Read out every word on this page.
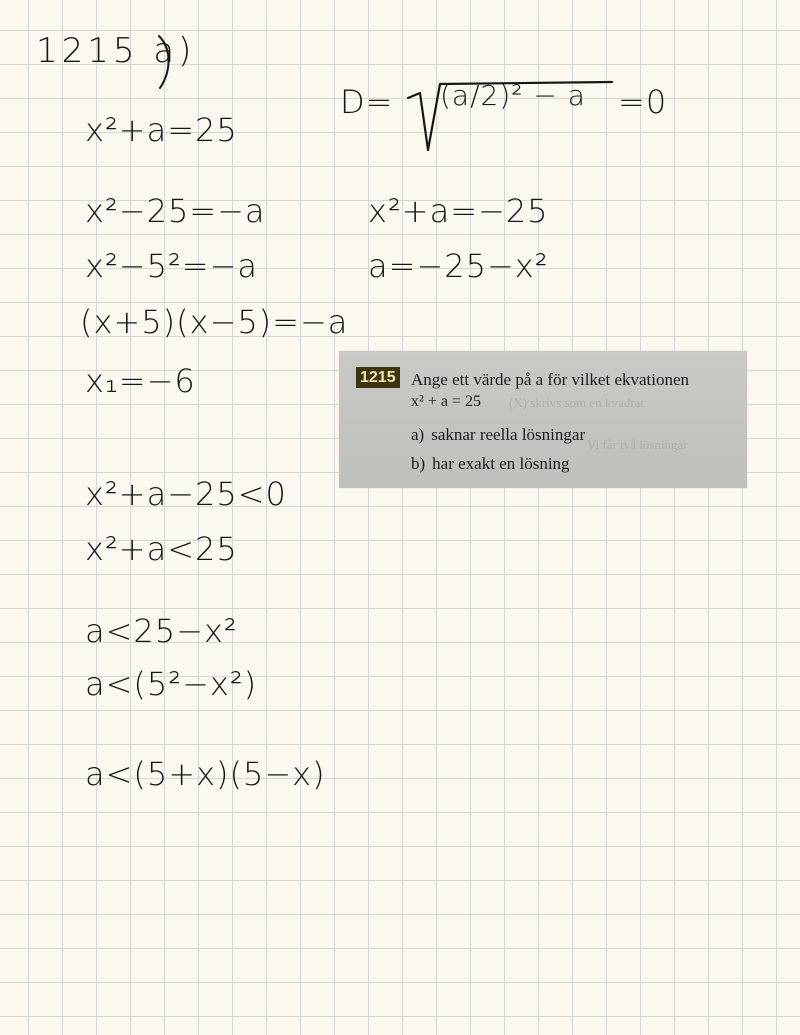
1215 a)
x²+a=25
x²−25=−a
x²−5²=−a
(x+5)(x−5)=−a
x₁=−6
x²+a−25<0
x²+a<25
a<25−x²
a<(5²−x²)
a<(5+x)(5−x)
D= (a/2)² − a =0
x²+a=−25
a=−25−x²
(X) skrivs som en kvadrat
Vi får två lösningar
1215 Ange ett värde på a för vilket ekvationen
x² + a = 25
a) saknar reella lösningar
b) har exakt en lösning
